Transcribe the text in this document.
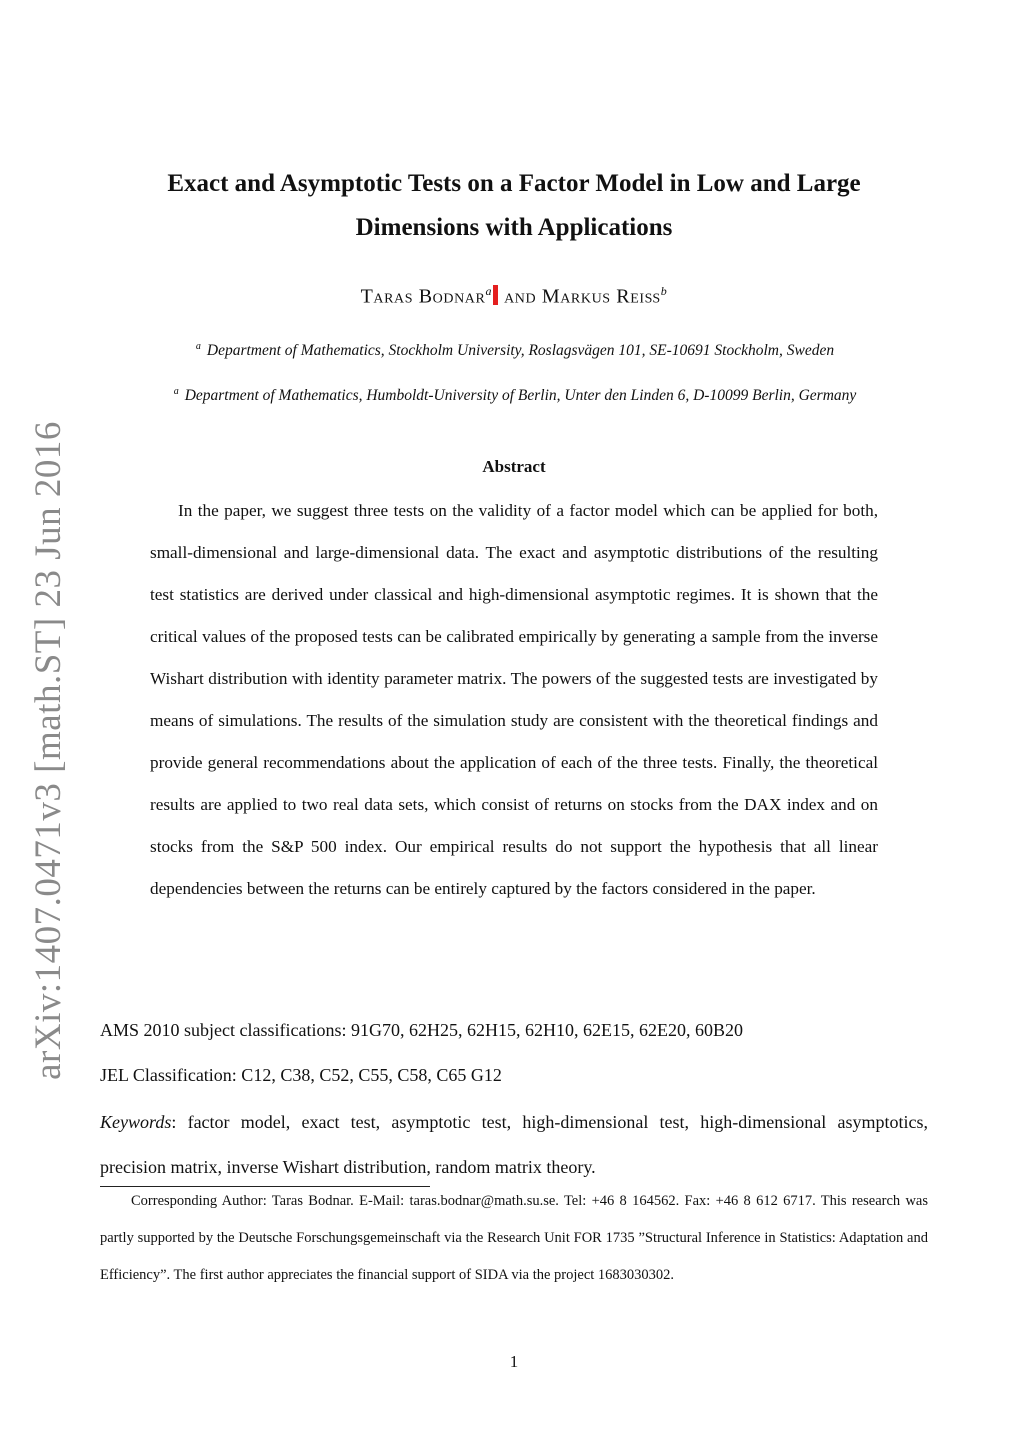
arXiv:1407.0471v3 [math.ST] 23 Jun 2016
Exact and Asymptotic Tests on a Factor Model in Low and Large
Dimensions with Applications
Taras Bodnar$^a$ and Markus Reiß$^b$
$^a$ Department of Mathematics, Stockholm University, Roslagsvägen 101, SE-10691 Stockholm, Sweden
$^a$ Department of Mathematics, Humboldt-University of Berlin, Unter den Linden 6, D-10099 Berlin, Germany
Abstract

In the paper, we suggest three tests on the validity of a factor model which can be applied for both, small-dimensional and large-dimensional data. The exact and asymptotic distributions of the resulting test statistics are derived under classical and high-dimensional asymptotic regimes. It is shown that the critical values of the proposed tests can be calibrated empirically by generating a sample from the inverse Wishart distribution with identity parameter matrix. The powers of the suggested tests are investigated by means of simulations. The results of the simulation study are consistent with the theoretical findings and provide general recommendations about the application of each of the three tests. Finally, the theoretical results are applied to two real data sets, which consist of returns on stocks from the DAX index and on stocks from the S&P 500 index. Our empirical results do not support the hypothesis that all linear dependencies between the returns can be entirely captured by the factors considered in the paper.

AMS 2010 subject classifications: 91G70, 62H25, 62H15, 62H10, 62E15, 62E20, 60B20
JEL Classification: C12, C38, C52, C55, C58, C65 G12

Keywords: factor model, exact test, asymptotic test, high-dimensional test, high-dimensional asymptotics, precision matrix, inverse Wishart distribution, random matrix theory.

Corresponding Author: Taras Bodnar. E-Mail: taras.bodnar@math.su.se. Tel: +46 8 164562. Fax: +46 8 612 6717. This research was partly supported by the Deutsche Forschungsgemeinschaft via the Research Unit FOR 1735 ”Structural Inference in Statistics: Adaptation and Efficiency”. The first author appreciates the financial support of SIDA via the project 1683030302.

1
